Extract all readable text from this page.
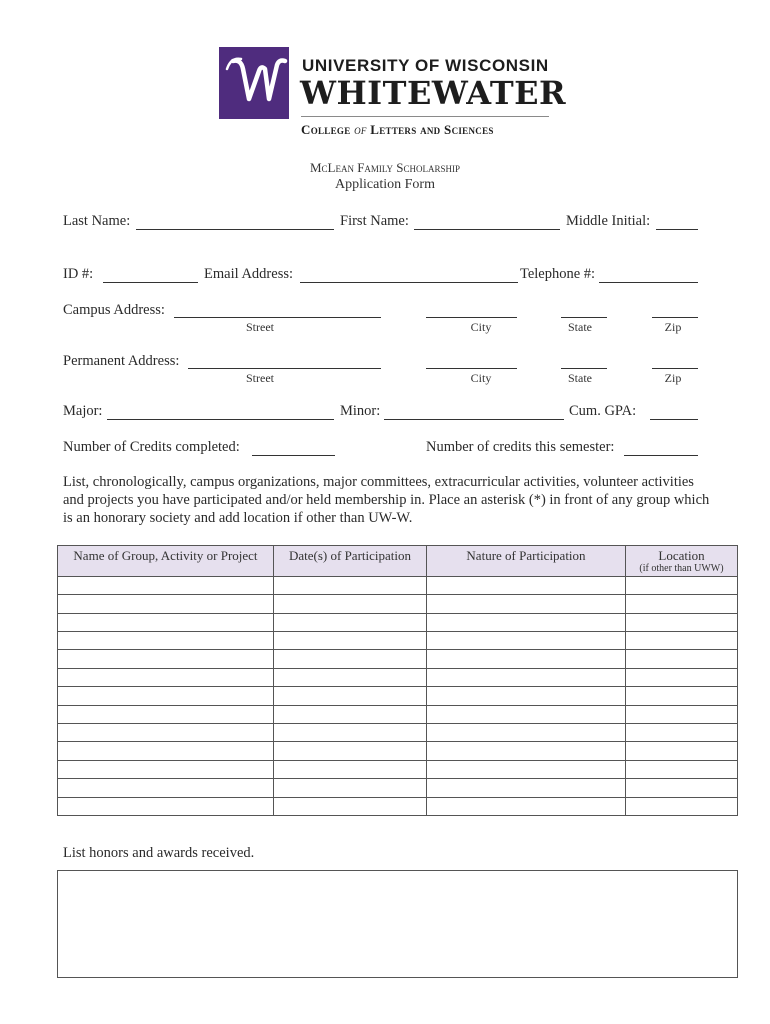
UNIVERSITY OF WISCONSIN
WHITEWATER
College of Letters and Sciences
McLean Family Scholarship
Application Form
Last Name:	First Name:	Middle Initial:
ID #:	Email Address:	Telephone #:
Campus Address:
Street	City	State	Zip
Permanent Address:
Street	City	State	Zip
Major:	Minor:	Cum. GPA:
Number of Credits completed:	Number of credits this semester:
List, chronologically, campus organizations, major committees, extracurricular activities, volunteer activities and projects you have participated and/or held membership in. Place an asterisk (*) in front of any group which is an honorary society and add location if other than UW-W.
Name of Group, Activity or Project	Date(s) of Participation	Nature of Participation	Location
(if other than UWW)
List honors and awards received.
